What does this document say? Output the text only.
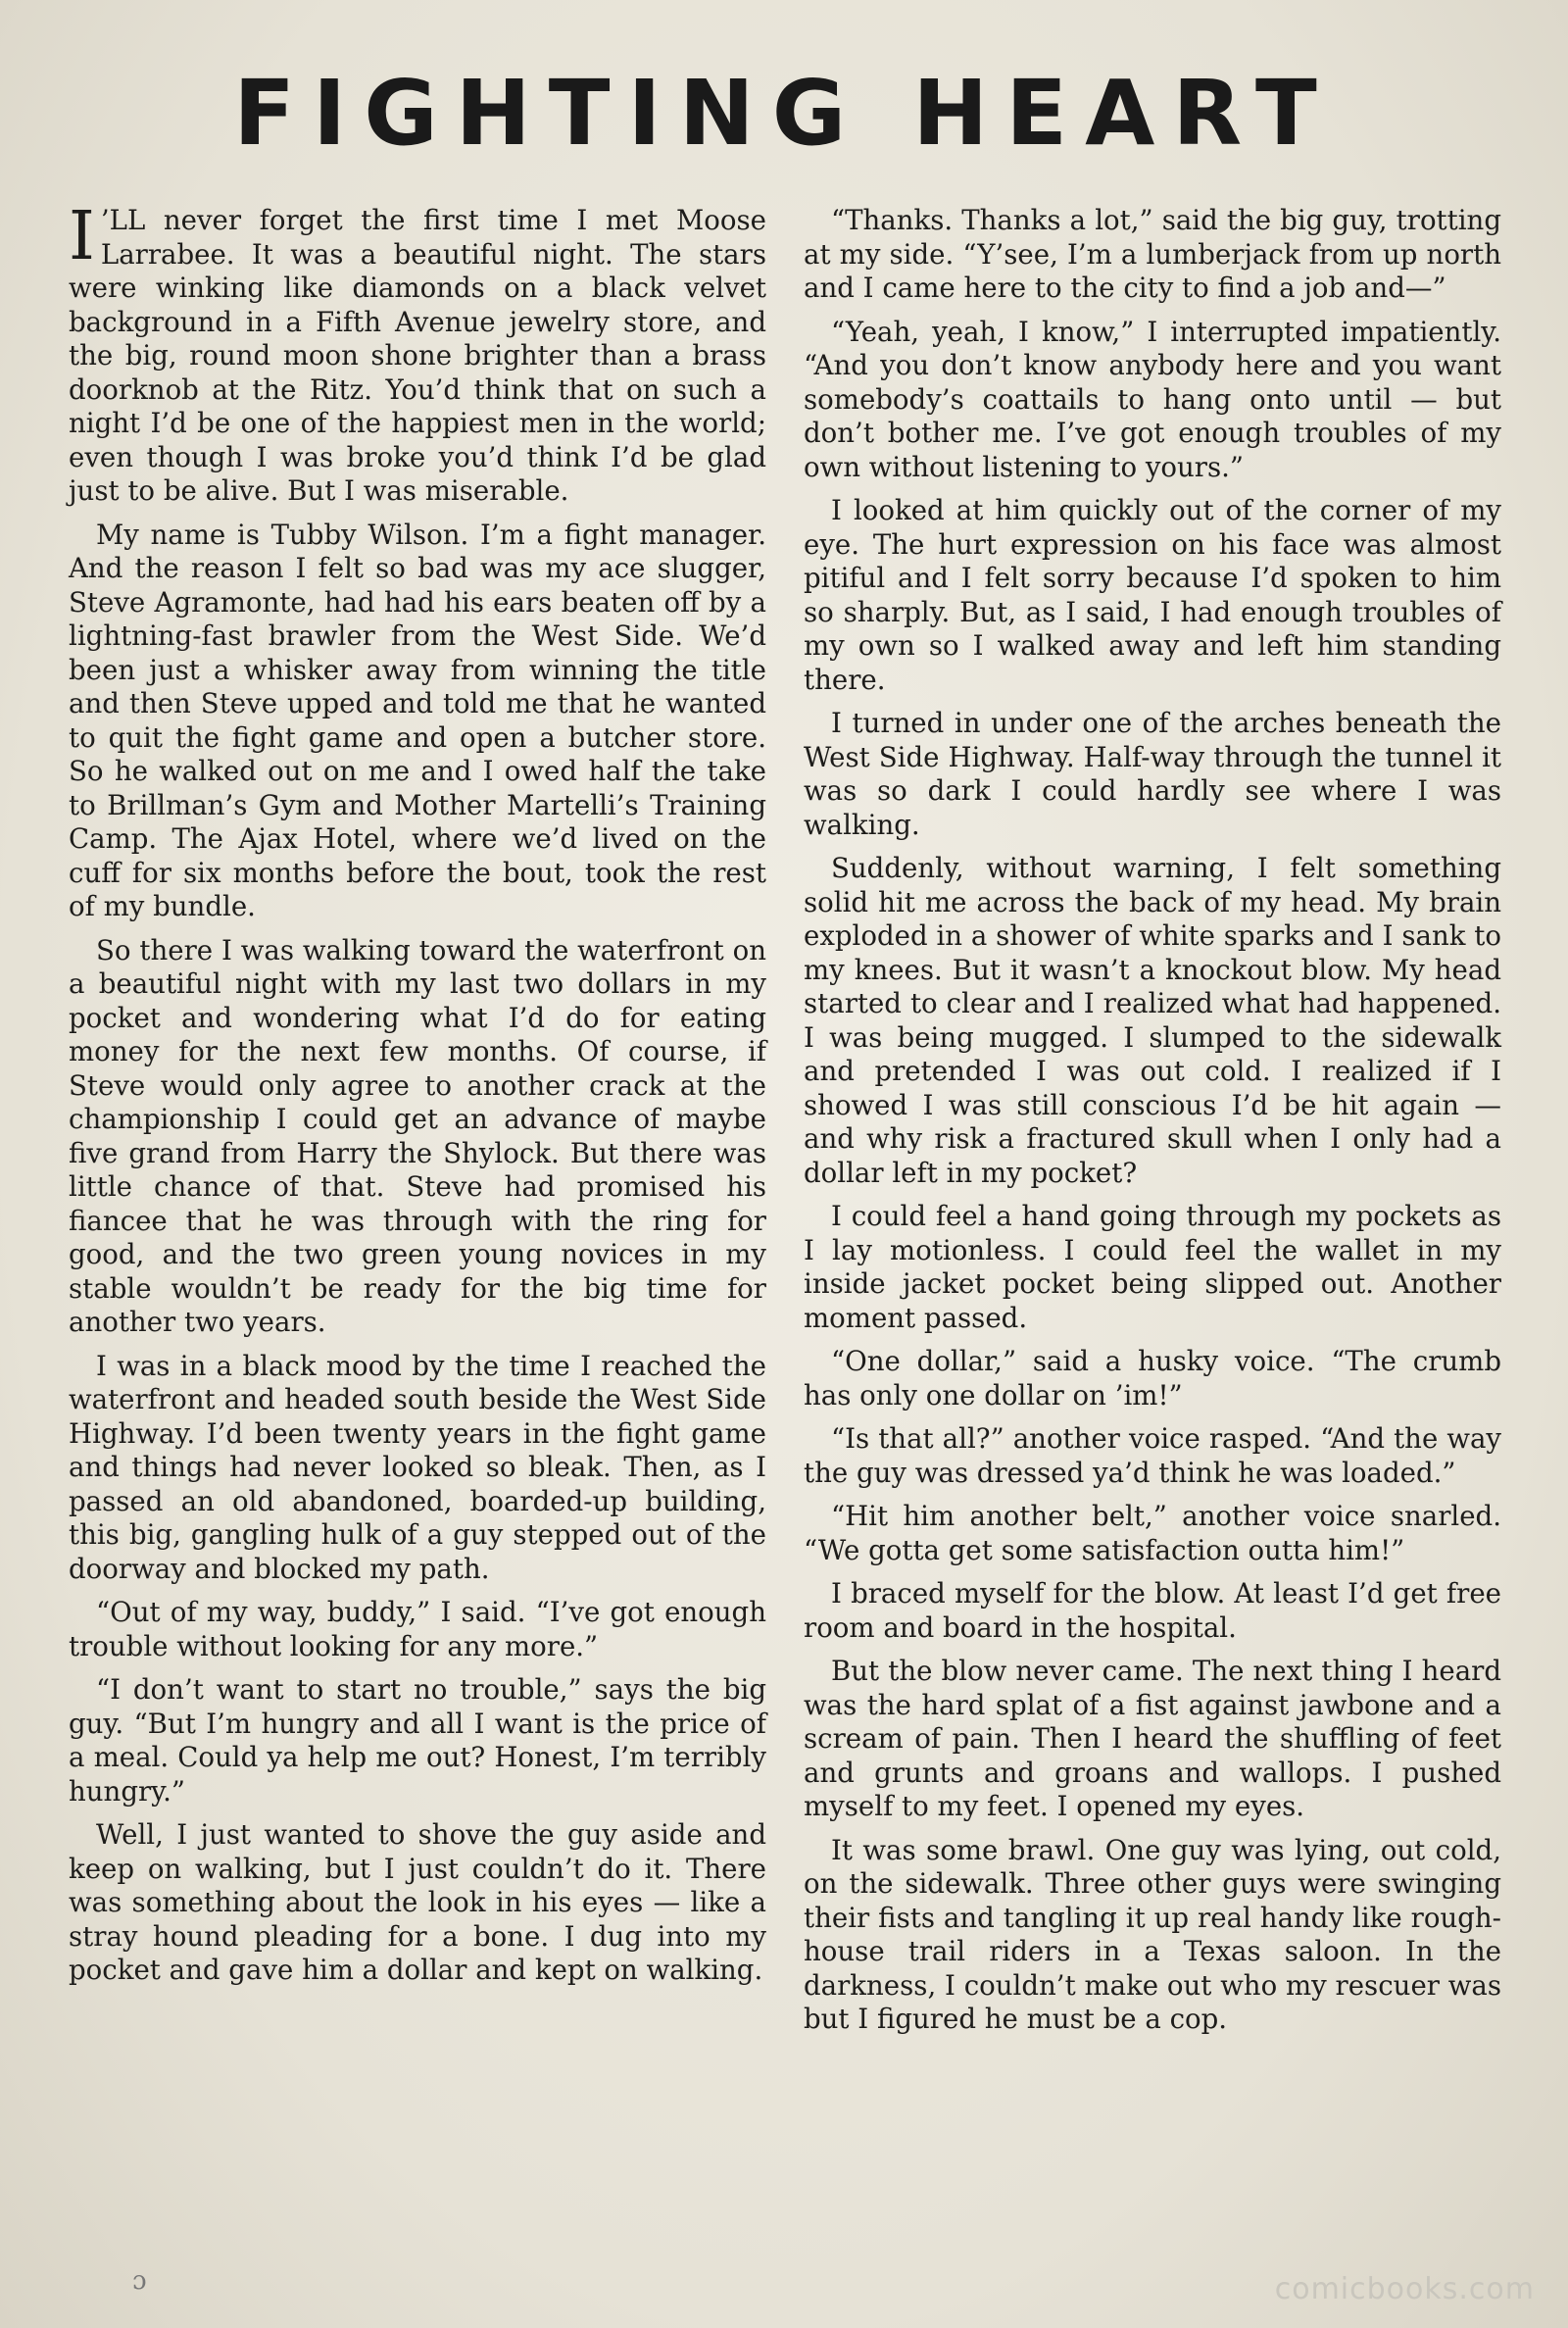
FIGHTING HEART

I ’LL never forget the first time I met Moose Larrabee. It was a beautiful night. The stars were winking like diamonds on a black velvet background in a Fifth Avenue jewelry store, and the big, round moon shone brighter than a brass doorknob at the Ritz. You’d think that on such a night I’d be one of the happiest men in the world; even though I was broke you’d think I’d be glad just to be alive. But I was miserable.

My name is Tubby Wilson. I’m a fight manager. And the reason I felt so bad was my ace slugger, Steve Agramonte, had had his ears beaten off by a lightning-fast brawler from the West Side. We’d been just a whisker away from winning the title and then Steve upped and told me that he wanted to quit the fight game and open a butcher store. So he walked out on me and I owed half the take to Brillman’s Gym and Mother Martelli’s Training Camp. The Ajax Hotel, where we’d lived on the cuff for six months before the bout, took the rest of my bundle.

So there I was walking toward the waterfront on a beautiful night with my last two dollars in my pocket and wondering what I’d do for eating money for the next few months. Of course, if Steve would only agree to another crack at the championship I could get an advance of maybe five grand from Harry the Shylock. But there was little chance of that. Steve had promised his fiancee that he was through with the ring for good, and the two green young novices in my stable wouldn’t be ready for the big time for another two years.

I was in a black mood by the time I reached the waterfront and headed south beside the West Side Highway. I’d been twenty years in the fight game and things had never looked so bleak. Then, as I passed an old abandoned, boarded-up building, this big, gangling hulk of a guy stepped out of the doorway and blocked my path.

“Out of my way, buddy,” I said. “I’ve got enough trouble without looking for any more.”

“I don’t want to start no trouble,” says the big guy. “But I’m hungry and all I want is the price of a meal. Could ya help me out? Honest, I’m terribly hungry.”

Well, I just wanted to shove the guy aside and keep on walking, but I just couldn’t do it. There was something about the look in his eyes — like a stray hound pleading for a bone. I dug into my pocket and gave him a dollar and kept on walking.

“Thanks. Thanks a lot,” said the big guy, trotting at my side. “Y’see, I’m a lumberjack from up north and I came here to the city to find a job and—”

“Yeah, yeah, I know,” I interrupted impatiently. “And you don’t know anybody here and you want somebody’s coattails to hang onto until — but don’t bother me. I’ve got enough troubles of my own without listening to yours.”

I looked at him quickly out of the corner of my eye. The hurt expression on his face was almost pitiful and I felt sorry because I’d spoken to him so sharply. But, as I said, I had enough troubles of my own so I walked away and left him standing there.

I turned in under one of the arches beneath the West Side Highway. Half-way through the tunnel it was so dark I could hardly see where I was walking.

Suddenly, without warning, I felt something solid hit me across the back of my head. My brain exploded in a shower of white sparks and I sank to my knees. But it wasn’t a knockout blow. My head started to clear and I realized what had happened. I was being mugged. I slumped to the sidewalk and pretended I was out cold. I realized if I showed I was still conscious I’d be hit again — and why risk a fractured skull when I only had a dollar left in my pocket?

I could feel a hand going through my pockets as I lay motionless. I could feel the wallet in my inside jacket pocket being slipped out. Another moment passed.

“One dollar,” said a husky voice. “The crumb has only one dollar on ’im!”

“Is that all?” another voice rasped. “And the way the guy was dressed ya’d think he was loaded.”

“Hit him another belt,” another voice snarled. “We gotta get some satisfaction outta him!”

I braced myself for the blow. At least I’d get free room and board in the hospital.

But the blow never came. The next thing I heard was the hard splat of a fist against jawbone and a scream of pain. Then I heard the shuffling of feet and grunts and groans and wallops. I pushed myself to my feet. I opened my eyes.

It was some brawl. One guy was lying, out cold, on the sidewalk. Three other guys were swinging their fists and tangling it up real handy like rough-house trail riders in a Texas saloon. In the darkness, I couldn’t make out who my rescuer was but I figured he must be a cop.

ɔ	comicbooks.com
